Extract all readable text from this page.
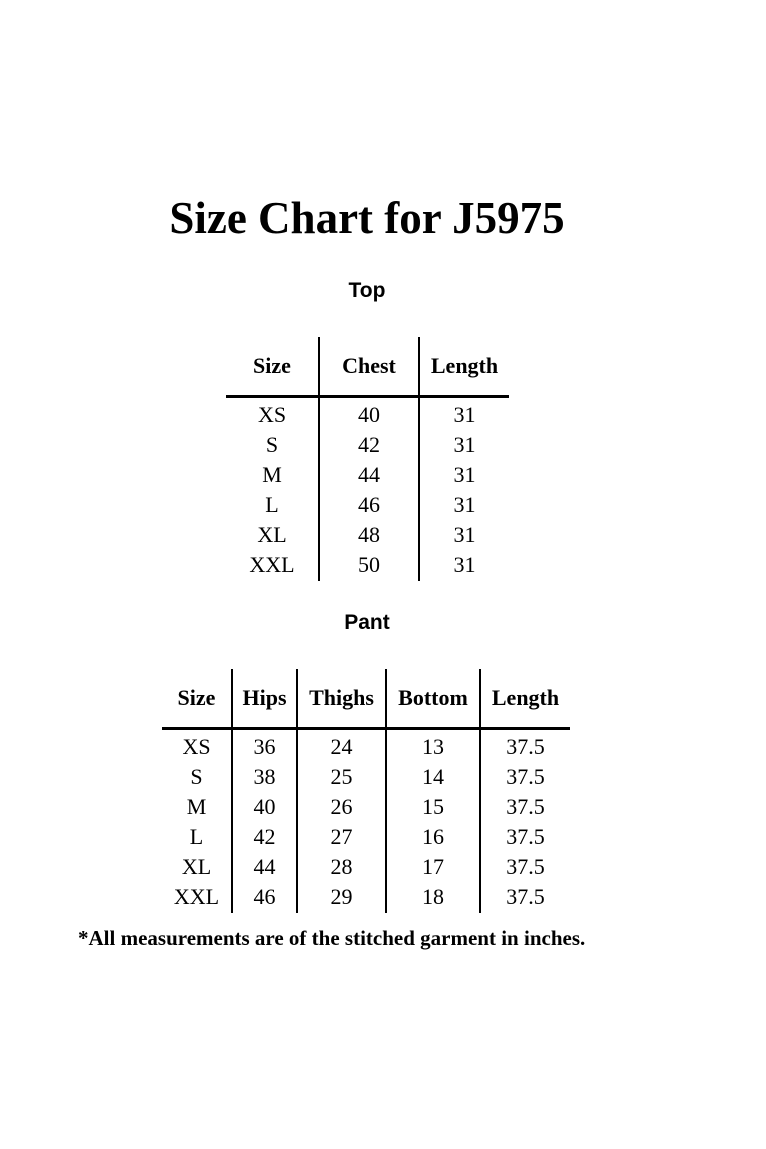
Size Chart for J5975
Top
Size	Chest	Length
XS	40	31
S	42	31
M	44	31
L	46	31
XL	48	31
XXL	50	31
Pant
Size	Hips	Thighs	Bottom	Length
XS	36	24	13	37.5
S	38	25	14	37.5
M	40	26	15	37.5
L	42	27	16	37.5
XL	44	28	17	37.5
XXL	46	29	18	37.5

*All measurements are of the stitched garment in inches.
